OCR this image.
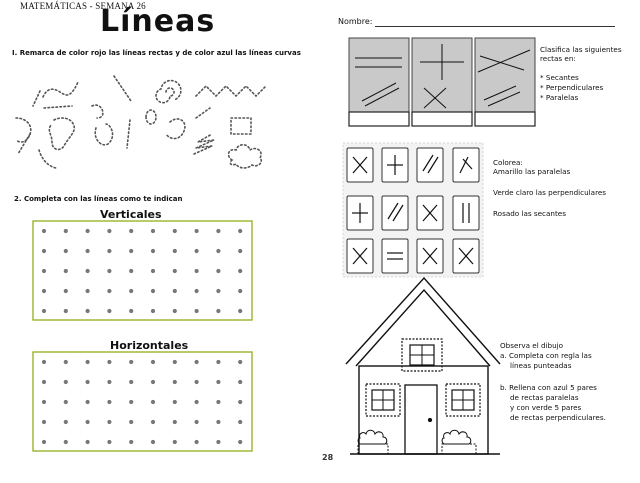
MATEMÁTICAS - SEMANA 26
Líneas
I. Remarca de color rojo las líneas rectas y de color azul las líneas curvas
2. Completa con las líneas como te indican
Verticales
Horizontales
Nombre:
Clasifica las siguientes
rectas en:
* Secantes
* Perpendiculares
* Paralelas
Colorea:
Amarillo las paralelas
Verde claro las perpendiculares
Rosado las secantes
Observa el dibujo
a. Completa con regla las
líneas punteadas
b. Rellena con azul 5 pares
de rectas paralelas
y con verde 5 pares
de rectas perpendiculares.
28
